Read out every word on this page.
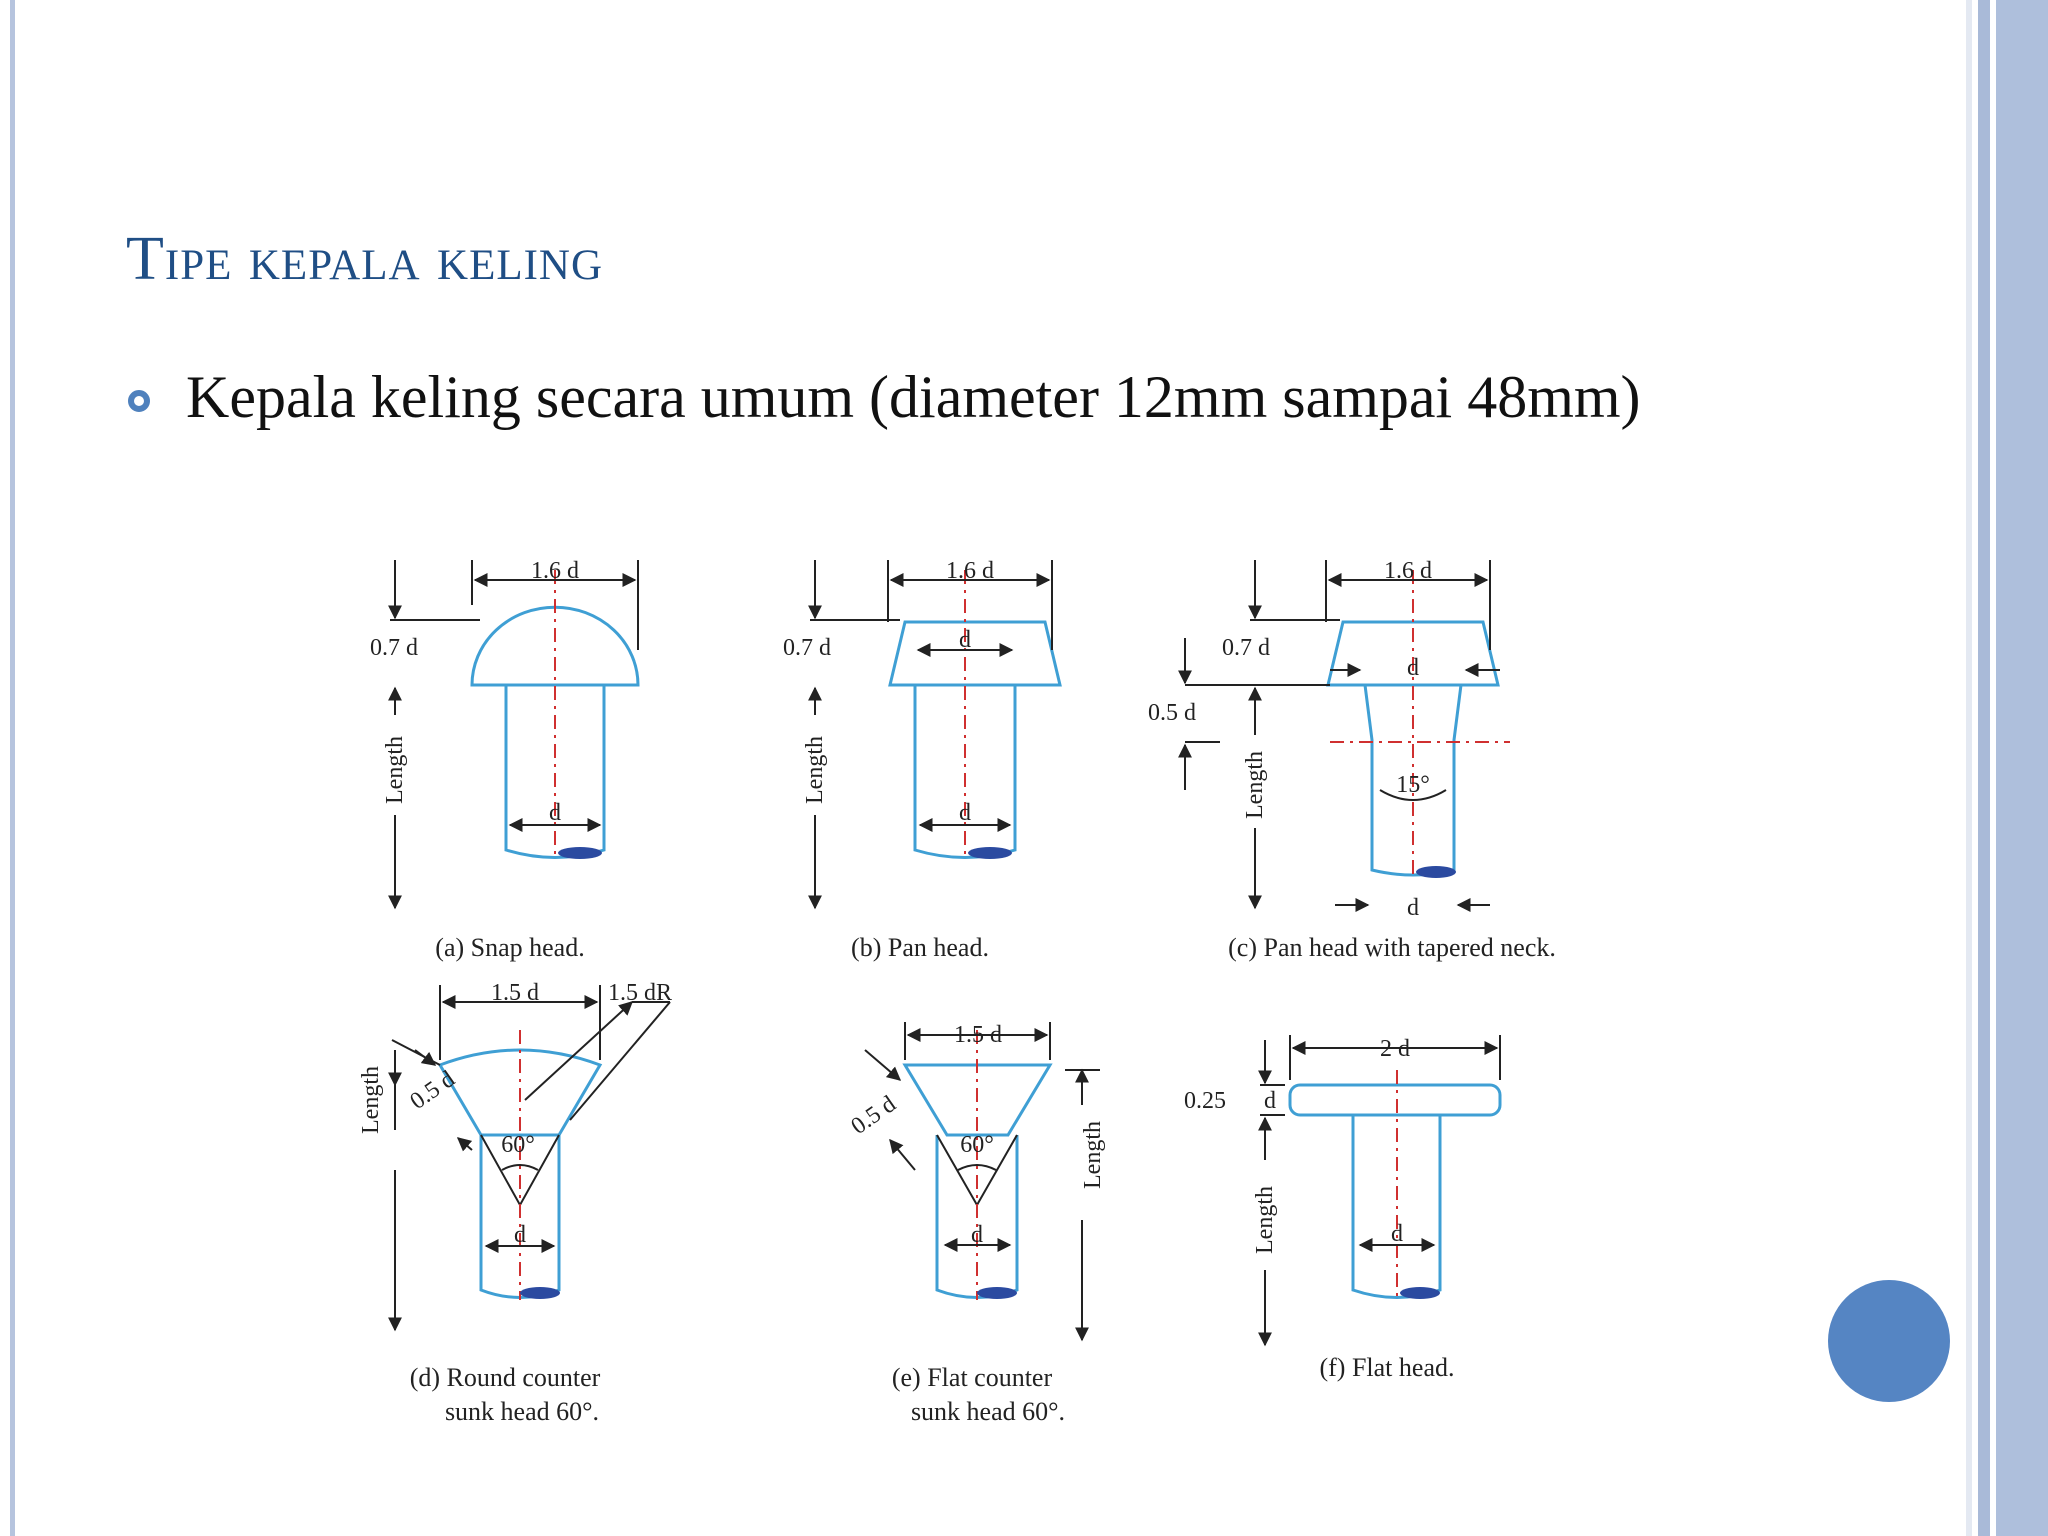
Tipe kepala keling
Kepala keling secara umum (diameter 12mm sampai 48mm)
1.6 d
0.7 d
Length
d
1.6 d
d
0.7 d
Length
d
1.6 d
d
0.7 d
0.5 d
Length	15°
d
1.5 d	1.5 dR
0.5 d
Length
60°
d
1.5 d
0.5 d
60°
d
Length
2 d
0.25 d
Length	d
(a) Snap head.	(b) Pan head.	(c) Pan head with tapered neck.
(d) Round counter
sunk head 60°.
(e) Flat counter
sunk head 60°.
(f) Flat head.
